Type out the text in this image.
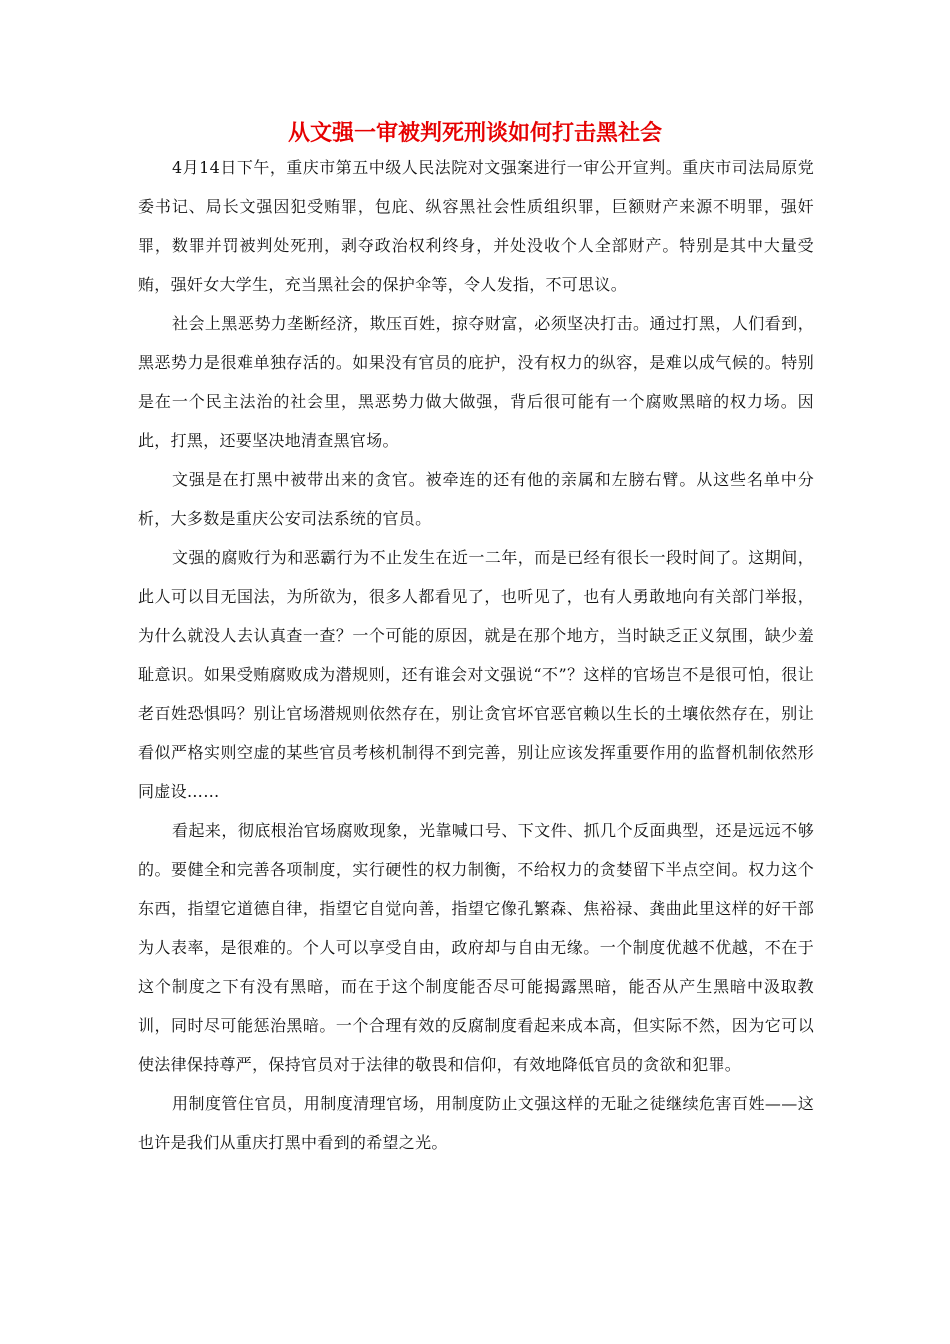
从文强一审被判死刑谈如何打击黑社会

4月14日下午，重庆市第五中级人民法院对文强案进行一审公开宣判。重庆市司法局原党委书记、局长文强因犯受贿罪，包庇、纵容黑社会性质组织罪，巨额财产来源不明罪，强奸罪，数罪并罚被判处死刑，剥夺政治权利终身，并处没收个人全部财产。特别是其中大量受贿，强奸女大学生，充当黑社会的保护伞等，令人发指，不可思议。

社会上黑恶势力垄断经济，欺压百姓，掠夺财富，必须坚决打击。通过打黑，人们看到，黑恶势力是很难单独存活的。如果没有官员的庇护，没有权力的纵容，是难以成气候的。特别是在一个民主法治的社会里，黑恶势力做大做强，背后很可能有一个腐败黑暗的权力场。因此，打黑，还要坚决地清查黑官场。

文强是在打黑中被带出来的贪官。被牵连的还有他的亲属和左膀右臂。从这些名单中分析，大多数是重庆公安司法系统的官员。

文强的腐败行为和恶霸行为不止发生在近一二年，而是已经有很长一段时间了。这期间，此人可以目无国法，为所欲为，很多人都看见了，也听见了，也有人勇敢地向有关部门举报，为什么就没人去认真查一查？一个可能的原因，就是在那个地方，当时缺乏正义氛围，缺少羞耻意识。如果受贿腐败成为潜规则，还有谁会对文强说“不”？这样的官场岂不是很可怕，很让老百姓恐惧吗？别让官场潜规则依然存在，别让贪官坏官恶官赖以生长的土壤依然存在，别让看似严格实则空虚的某些官员考核机制得不到完善，别让应该发挥重要作用的监督机制依然形同虚设……

看起来，彻底根治官场腐败现象，光靠喊口号、下文件、抓几个反面典型，还是远远不够的。要健全和完善各项制度，实行硬性的权力制衡，不给权力的贪婪留下半点空间。权力这个东西，指望它道德自律，指望它自觉向善，指望它像孔繁森、焦裕禄、龚曲此里这样的好干部为人表率，是很难的。个人可以享受自由，政府却与自由无缘。一个制度优越不优越，不在于这个制度之下有没有黑暗，而在于这个制度能否尽可能揭露黑暗，能否从产生黑暗中汲取教训，同时尽可能惩治黑暗。一个合理有效的反腐制度看起来成本高，但实际不然，因为它可以使法律保持尊严，保持官员对于法律的敬畏和信仰，有效地降低官员的贪欲和犯罪。

用制度管住官员，用制度清理官场，用制度防止文强这样的无耻之徒继续危害百姓——这也许是我们从重庆打黑中看到的希望之光。
